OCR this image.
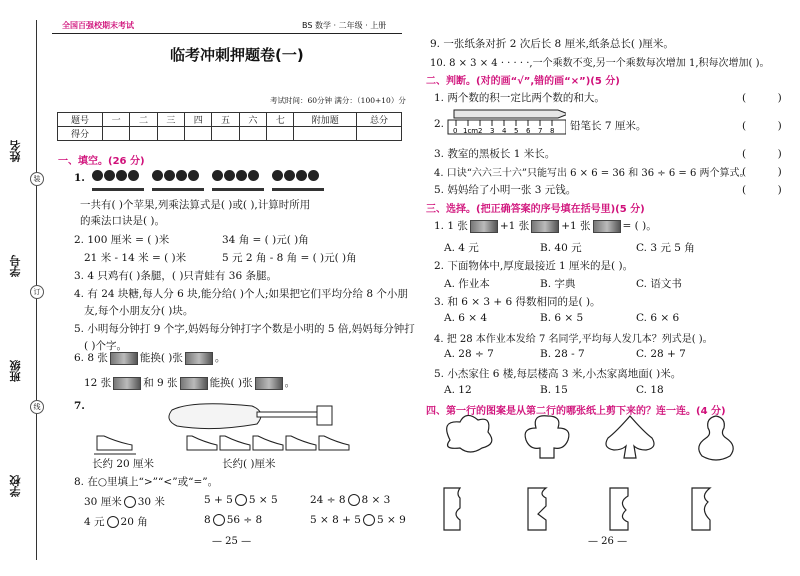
姓名
装
学号
订
班级
线
学校
全国百强校期末考试	BS 数学 · 二年级 · 上册
临考冲刺押题卷(一)
考试时间：60分钟 满分：（100+10）分
题号	一	二	三	四	五	六	七	附加题	总分
得分									
一、填空。(26 分)
1.
一共有( )个苹果,列乘法算式是( )或( ),计算时所用
的乘法口诀是( )。
2. 100 厘米 = ( )米	34 角 = ( )元( )角
21 米 - 14 米 = ( )米	5 元 2 角 - 8 角 = ( )元( )角
3. 4 只鸡有( )条腿，( )只青蛙有 36 条腿。
4. 有 24 块糖,每人分 6 块,能分给( )个人;如果把它们平均分给 8 个小朋
友,每个小朋友分( )块。
5. 小明每分钟打 9 个字,妈妈每分钟打字个数是小明的 5 倍,妈妈每分钟打
( )个字。
6. 8 张	能换( )张	。
12 张	和 9 张	能换( )张	。
7.
长约 20 厘米	长约( )厘米
8. 在○里填上“>”“<”或“=”。
30 厘米 30 米	5 + 5 5 × 5	24 ÷ 8 8 × 3
4 元 20 角	8 56 ÷ 8	5 × 8 + 5 5 × 9
— 25 —
9. 一张纸条对折 2 次后长 8 厘米,纸条总长( )厘米。
10. 8 × 3 × 4 · · · · ·,一个乘数不变,另一个乘数每次增加 1,积每次增加( )。
二、判断。(对的画“√”,错的画“×”)(5 分)
1. 两个数的积一定比两个数的和大。	(　　　)
2.
0 1cm 2 3 4 5 6 7 8 铅笔长 7 厘米。	(　　　)
3. 教室的黑板长 1 米长。	(　　　)
4. 口诀“六六三十六”只能写出 6 × 6 = 36 和 36 ÷ 6 = 6 两个算式。
(　　　)
5. 妈妈给了小明一张 3 元钱。	(　　　)
三、选择。(把正确答案的序号填在括号里)(5 分)
1. 1 张	+1 张	+1 张	= ( )。
A. 4 元	B. 40 元	C. 3 元 5 角
2. 下面物体中,厚度最接近 1 厘米的是( )。
A. 作业本	B. 字典	C. 语文书
3. 和 6 × 3 + 6 得数相同的是( )。
A. 6 × 4	B. 6 × 5	C. 6 × 6
4. 把 28 本作业本发给 7 名同学,平均每人发几本？列式是( )。
A. 28 ÷ 7	B. 28 - 7	C. 28 + 7
5. 小杰家住 6 楼,每层楼高 3 米,小杰家离地面( )米。
A. 12	B. 15	C. 18
四、第一行的图案是从第二行的哪张纸上剪下来的？连一连。(4 分)
— 26 —
